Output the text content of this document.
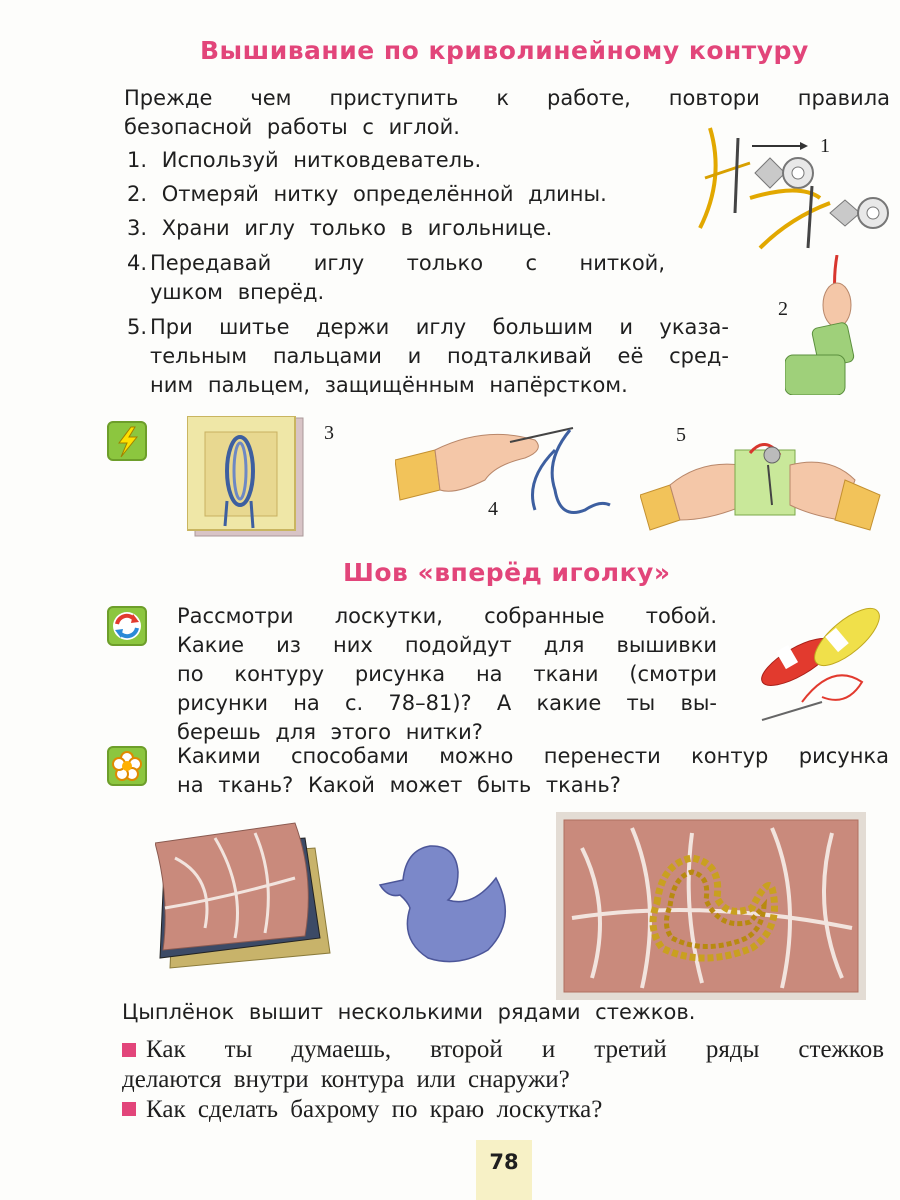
Вышивание по криволинейному контуру
Прежде чем приступить к работе, повтори правила
безопасной работы с иглой.
1. Используй нитковдеватель.
2. Отмеряй нитку определённой длины.
3. Храни иглу только в игольнице.
4. Передавай иглу только с ниткой,
ушком вперёд.
5. При шитье держи иглу большим и указа-
тельным пальцами и подталкивай её сред-
ним пальцем, защищённым напёрстком.
1
2
3
4
5
Шов «вперёд иголку»
Рассмотри лоскутки, собранные тобой.
Какие из них подойдут для вышивки
по контуру рисунка на ткани (смотри
рисунки на с. 78–81)? А какие ты вы-
берешь для этого нитки?
Какими способами можно перенести контур рисунка
на ткань? Какой может быть ткань?
Цыплёнок вышит несколькими рядами стежков.
Как ты думаешь, второй и третий ряды стежков
делаются внутри контура или снаружи?
Как сделать бахрому по краю лоскутка?
78
